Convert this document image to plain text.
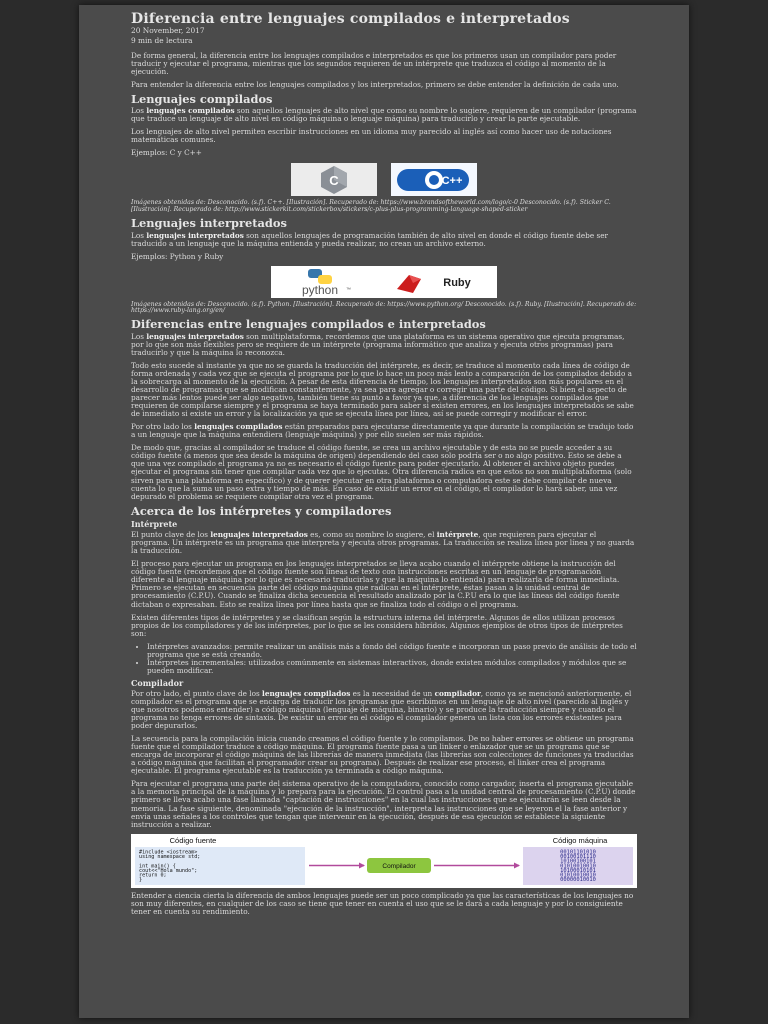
Diferencia entre lenguajes compilados e interpretados
20 November, 2017
9 min de lectura

De forma general, la diferencia entre los lenguajes compilados e interpretados es que los primeros usan un compilador para poder traducir y ejecutar el programa, mientras que los segundos requieren de un intérprete que traduzca el código al momento de la ejecución.

Para entender la diferencia entre los lenguajes compilados y los interpretados, primero se debe entender la definición de cada uno.

Lenguajes compilados

Los lenguajes compilados son aquellos lenguajes de alto nivel que como su nombre lo sugiere, requieren de un compilador (programa que traduce un lenguaje de alto nivel en código máquina o lenguaje máquina) para traducirlo y crear la parte ejecutable.

Los lenguajes de alto nivel permiten escribir instrucciones en un idioma muy parecido al inglés así como hacer uso de notaciones matemáticas comunes.

Ejemplos: C y C++

C	C++
Imágenes obtenidas de: Desconocido. (s.f). C++. [Ilustración]. Recuperado de: https://www.brandsoftheworld.com/logo/c-0 Desconocido. (s.f). Sticker C. [Ilustración]. Recuperado de: http://www.stickerkit.com/stickerbox/stickers/c-plus-plus-programming-language-shaped-sticker
Lenguajes interpretados

Los lenguajes interpretados son aquellos lenguajes de programación también de alto nivel en donde el código fuente debe ser traducido a un lenguaje que la máquina entienda y pueda realizar, no crean un archivo externo.

Ejemplos: Python y Ruby

python ™
Ruby
Imágenes obtenidas de: Desconocido. (s.f). Python. [Ilustración]. Recuperado de: https://www.python.org/ Desconocido. (s.f). Ruby. [Ilustración]. Recuperado de: https://www.ruby-lang.org/en/
Diferencias entre lenguajes compilados e interpretados

Los lenguajes interpretados son multiplataforma, recordemos que una plataforma es un sistema operativo que ejecuta programas, por lo que son más flexibles pero se requiere de un intérprete (programa informático que analiza y ejecuta otros programas) para traducirlo y que la máquina lo reconozca.

Todo esto sucede al instante ya que no se guarda la traducción del intérprete, es decir, se traduce al momento cada línea de código de forma ordenada y cada vez que se ejecuta el programa por lo que lo hace un poco más lento a comparación de los compilados debido a la sobrecarga al momento de la ejecución. A pesar de esta diferencia de tiempo, los lenguajes interpretados son más populares en el desarrollo de programas que se modifican constantemente, ya sea para agregar o corregir una parte del código. Si bien el aspecto de parecer más lentos puede ser algo negativo, también tiene su punto a favor ya que, a diferencia de los lenguajes compilados que requieren de compilarse siempre y el programa se haya terminado para saber si existen errores, en los lenguajes interpretados se sabe de inmediato si existe un error y la localización ya que se ejecuta línea por línea, así se puede corregir y modificar el error.

Por otro lado los lenguajes compilados están preparados para ejecutarse directamente ya que durante la compilación se tradujo todo a un lenguaje que la máquina entendiera (lenguaje máquina) y por ello suelen ser más rápidos.

De modo que, gracias al compilador se traduce el código fuente, se crea un archivo ejecutable y de esta no se puede acceder a su código fuente (a menos que sea desde la máquina de origen) dependiendo del caso solo podría ser o no algo positivo. Esto se debe a que una vez compilado el programa ya no es necesario el código fuente para poder ejecutarlo. Al obtener el archivo objeto puedes ejecutar el programa sin tener que compilar cada vez que lo ejecutas. Otra diferencia radica en que estos no son multiplataforma (solo sirven para una plataforma en específico) y de querer ejecutar en otra plataforma o computadora este se debe compilar de nueva cuenta lo que la suma un paso extra y tiempo de más. En caso de existir un error en el código, el compilador lo hará saber, una vez depurado el problema se requiere compilar otra vez el programa.

Acerca de los intérpretes y compiladores
Intérprete

El punto clave de los lenguajes interpretados es, como su nombre lo sugiere, el intérprete, que requieren para ejecutar el programa. Un intérprete es un programa que interpreta y ejecuta otros programas. La traducción se realiza línea por línea y no guarda la traducción.

El proceso para ejecutar un programa en los lenguajes interpretados se lleva acabo cuando el intérprete obtiene la instrucción del código fuente (recordemos que el código fuente son líneas de texto con instrucciones escritas en un lenguaje de programación diferente al lenguaje máquina por lo que es necesario traducirlas y que la máquina lo entienda) para realizarla de forma inmediata. Primero se ejecutan en secuencia parte del código máquina que radican en el intérprete, éstas pasan a la unidad central de procesamiento (C.P.U). Cuando se finaliza dicha secuencia el resultado analizado por la C.P.U era lo que las líneas del código fuente dictaban o expresaban. Esto se realiza línea por línea hasta que se finaliza todo el código o el programa.

Existen diferentes tipos de intérpretes y se clasifican según la estructura interna del intérprete. Algunos de ellos utilizan procesos propios de los compiladores y de los intérpretes, por lo que se les considera híbridos. Algunos ejemplos de otros tipos de intérpretes son:

• Intérpretes avanzados: permite realizar un análisis más a fondo del código fuente e incorporan un paso previo de análisis de todo el programa que se está creando.
• Intérpretes incrementales: utilizados comúnmente en sistemas interactivos, donde existen módulos compilados y módulos que se pueden modificar.
Compilador

Por otro lado, el punto clave de los lenguajes compilados es la necesidad de un compilador, como ya se mencionó anteriormente, el compilador es el programa que se encarga de traducir los programas que escribimos en un lenguaje de alto nivel (parecido al inglés y que nosotros podemos entender) a código máquina (lenguaje de máquina, binario) y se produce la traducción siempre y cuando el programa no tenga errores de sintaxis. De existir un error en el código el compilador genera un lista con los errores existentes para poder depurarlos.

La secuencia para la compilación inicia cuando creamos el código fuente y lo compilamos. De no haber errores se obtiene un programa fuente que el compilador traduce a código máquina. El programa fuente pasa a un linker o enlazador que se un programa que se encarga de incorporar el código máquina de las librerías de manera inmediata (las librerías son colecciones de funciones ya traducidas a código máquina que facilitan el programador crear su programa). Después de realizar ese proceso, el linker crea el programa ejecutable. El programa ejecutable es la traducción ya terminada a código máquina.

Para ejecutar el programa una parte del sistema operativo de la computadora, conocido como cargador, inserta el programa ejecutable a la memoria principal de la máquina y lo prepara para la ejecución. El control pasa a la unidad central de procesamiento (C.P.U) donde primero se lleva acabo una fase llamada "captación de instrucciones" en la cual las instrucciones que se ejecutarán se leen desde la memoria. La fase siguiente, denominada "ejecución de la instrucción", interpreta las instrucciones que se leyeron el la fase anterior y envía unas señales a los controles que tengan que intervenir en la ejecución, después de esa ejecución se establece la siguiente instrucción a realizar.

Código fuente
#include <iostream>
using namespace std;
int main() {
cout<<"Hola mundo";
return 0;
}
Compilador
Código máquina
00101101010
00100101110
10100100101
01010010010
10100010101
01010010010
00000010010

Entender a ciencia cierta la diferencia de ambos lenguajes puede ser un poco complicado ya que las características de los lenguajes no son muy diferentes, en cualquier de los caso se tiene que tener en cuenta el uso que se le dará a cada lenguaje y por lo consiguiente tener en cuenta su rendimiento.
